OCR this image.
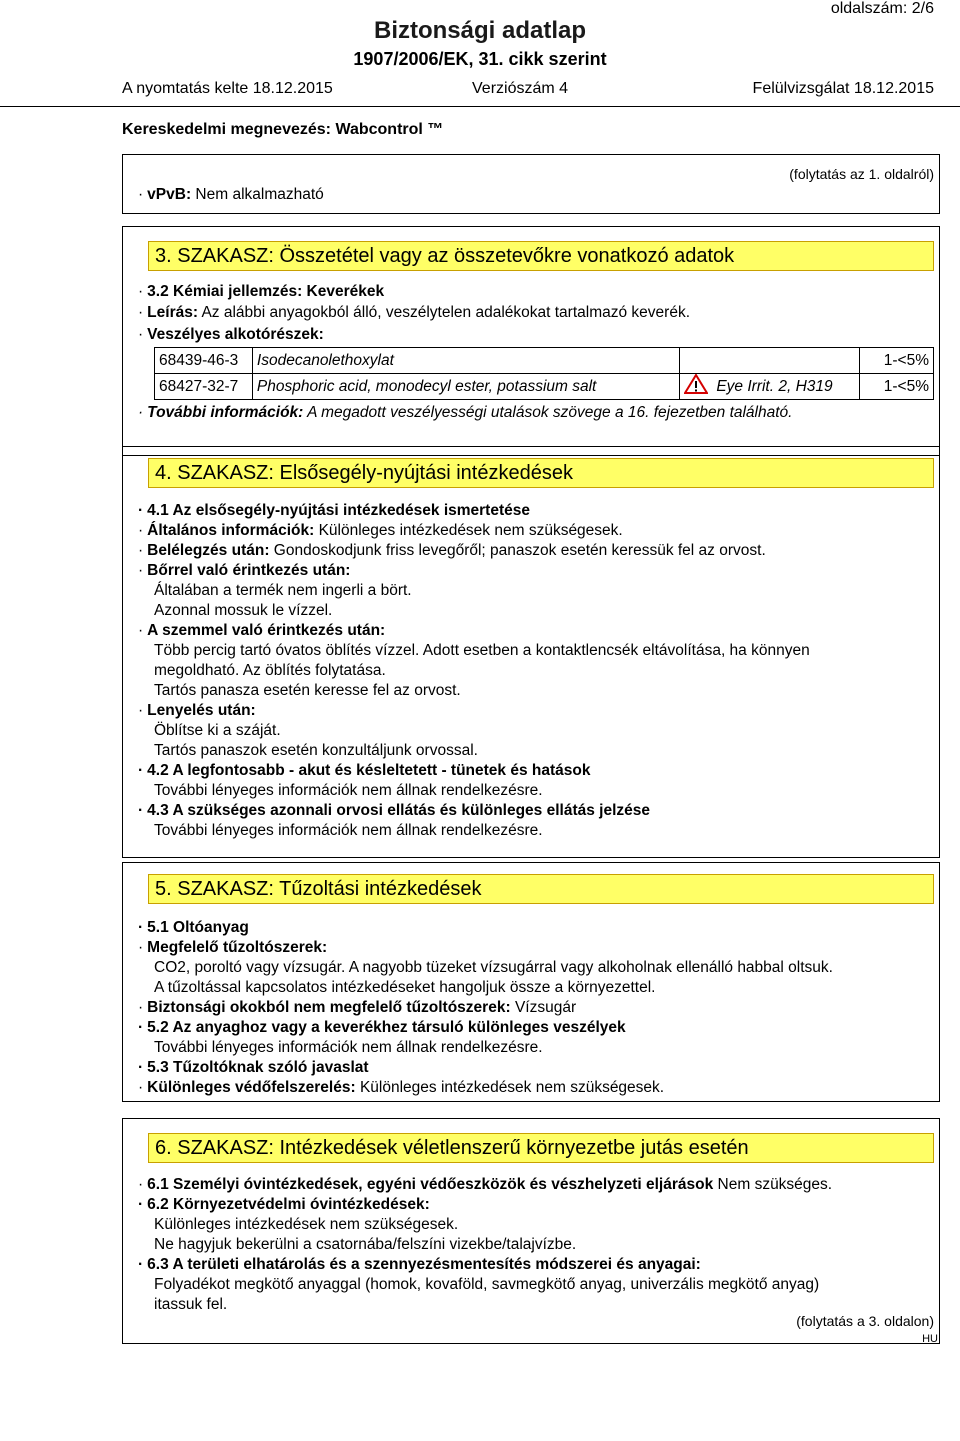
oldalszám: 2/6
Biztonsági adatlap
1907/2006/EK, 31. cikk szerint
A nyomtatás kelte 18.12.2015	Verziószám 4	Felülvizsgálat 18.12.2015
Kereskedelmi megnevezés: Wabcontrol ™
· vPvB: Nem alkalmazható
(folytatás az 1. oldalról)
3. SZAKASZ: Összetétel vagy az összetevőkre vonatkozó adatok
· 3.2 Kémiai jellemzés: Keverékek
· Leírás: Az alábbi anyagokból álló, veszélytelen adalékokat tartalmazó keverék.
· Veszélyes alkotórészek:
68439-46-3	Isodecanolethoxylat		1-<5%
68427-32-7	Phosphoric acid, monodecyl ester, potassium salt	Eye Irrit. 2, H319	1-<5%
· További információk: A megadott veszélyességi utalások szövege a 16. fejezetben található.
4. SZAKASZ: Elsősegély-nyújtási intézkedések
· 4.1 Az elsősegély-nyújtási intézkedések ismertetése
· Általános információk: Különleges intézkedések nem szükségesek.
· Belélegzés után: Gondoskodjunk friss levegőről; panaszok esetén keressük fel az orvost.
· Bőrrel való érintkezés után:
Általában a termék nem ingerli a bört.
Azonnal mossuk le vízzel.
· A szemmel való érintkezés után:
Több percig tartó óvatos öblítés vízzel. Adott esetben a kontaktlencsék eltávolítása, ha könnyen
megoldható. Az öblítés folytatása.
Tartós panasza esetén keresse fel az orvost.
· Lenyelés után:
Öblítse ki a száját.
Tartós panaszok esetén konzultáljunk orvossal.
· 4.2 A legfontosabb - akut és késleltetett - tünetek és hatások
További lényeges információk nem állnak rendelkezésre.
· 4.3 A szükséges azonnali orvosi ellátás és különleges ellátás jelzése
További lényeges információk nem állnak rendelkezésre.
5. SZAKASZ: Tűzoltási intézkedések
· 5.1 Oltóanyag
· Megfelelő tűzoltószerek:
CO2, poroltó vagy vízsugár. A nagyobb tüzeket vízsugárral vagy alkoholnak ellenálló habbal oltsuk.
A tűzoltással kapcsolatos intézkedéseket hangoljuk össze a környezettel.
· Biztonsági okokból nem megfelelő tűzoltószerek: Vízsugár
· 5.2 Az anyaghoz vagy a keverékhez társuló különleges veszélyek
További lényeges információk nem állnak rendelkezésre.
· 5.3 Tűzoltóknak szóló javaslat
· Különleges védőfelszerelés: Különleges intézkedések nem szükségesek.
6. SZAKASZ: Intézkedések véletlenszerű környezetbe jutás esetén
· 6.1 Személyi óvintézkedések, egyéni védőeszközök és vészhelyzeti eljárások Nem szükséges.
· 6.2 Környezetvédelmi óvintézkedések:
Különleges intézkedések nem szükségesek.
Ne hagyjuk bekerülni a csatornába/felszíni vizekbe/talajvízbe.
· 6.3 A területi elhatárolás és a szennyezésmentesítés módszerei és anyagai:
Folyadékot megkötő anyaggal (homok, kovaföld, savmegkötő anyag, univerzális megkötő anyag)
itassuk fel.
(folytatás a 3. oldalon)
HU
